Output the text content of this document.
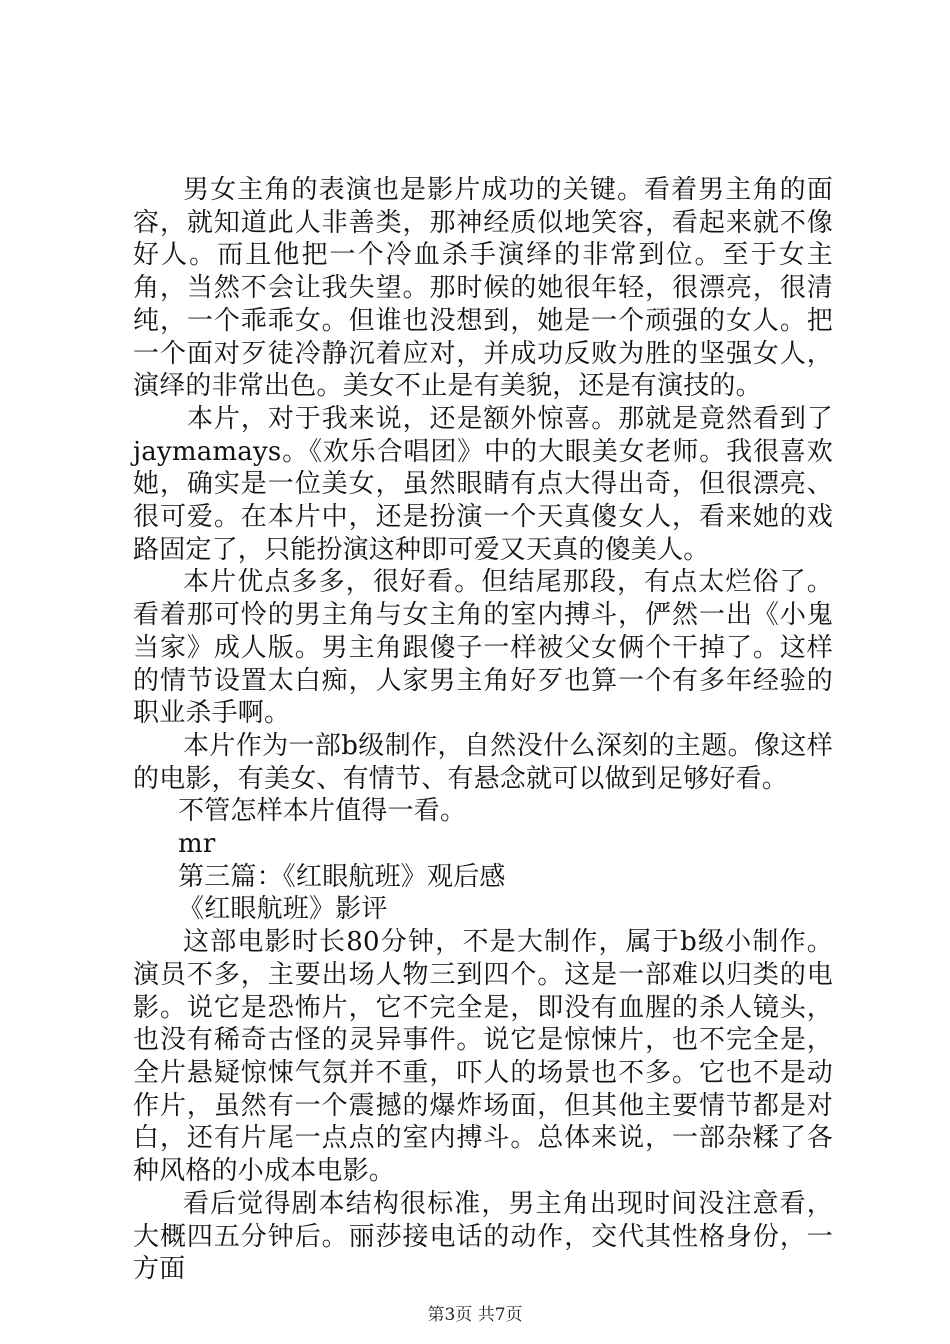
男女主角的表演也是影片成功的关键。看着男主角的面容，就知道此人非善类，那神经质似地笑容，看起来就不像好人。而且他把一个冷血杀手演绎的非常到位。至于女主角，当然不会让我失望。那时候的她很年轻，很漂亮，很清纯，一个乖乖女。但谁也没想到，她是一个顽强的女人。把一个面对歹徒冷静沉着应对，并成功反败为胜的坚强女人，演绎的非常出色。美女不止是有美貌，还是有演技的。

本片，对于我来说，还是额外惊喜。那就是竟然看到了jaymamays。《欢乐合唱团》中的大眼美女老师。我很喜欢她，确实是一位美女，虽然眼睛有点大得出奇，但很漂亮、很可爱。在本片中，还是扮演一个天真傻女人，看来她的戏路固定了，只能扮演这种即可爱又天真的傻美人。

本片优点多多，很好看。但结尾那段，有点太烂俗了。看着那可怜的男主角与女主角的室内搏斗，俨然一出《小鬼当家》成人版。男主角跟傻子一样被父女俩个干掉了。这样的情节设置太白痴，人家男主角好歹也算一个有多年经验的职业杀手啊。

本片作为一部b级制作，自然没什么深刻的主题。像这样的电影，有美女、有情节、有悬念就可以做到足够好看。

不管怎样本片值得一看。

mr

第三篇：《红眼航班》观后感

《红眼航班》影评

这部电影时长80分钟，不是大制作，属于b级小制作。演员不多，主要出场人物三到四个。这是一部难以归类的电影。说它是恐怖片，它不完全是，即没有血腥的杀人镜头，也没有稀奇古怪的灵异事件。说它是惊悚片，也不完全是，全片悬疑惊悚气氛并不重，吓人的场景也不多。它也不是动作片，虽然有一个震撼的爆炸场面，但其他主要情节都是对白，还有片尾一点点的室内搏斗。总体来说，一部杂糅了各种风格的小成本电影。

看后觉得剧本结构很标准，男主角出现时间没注意看，大概四五分钟后。丽莎接电话的动作，交代其性格身份，一方面

第3页 共7页
